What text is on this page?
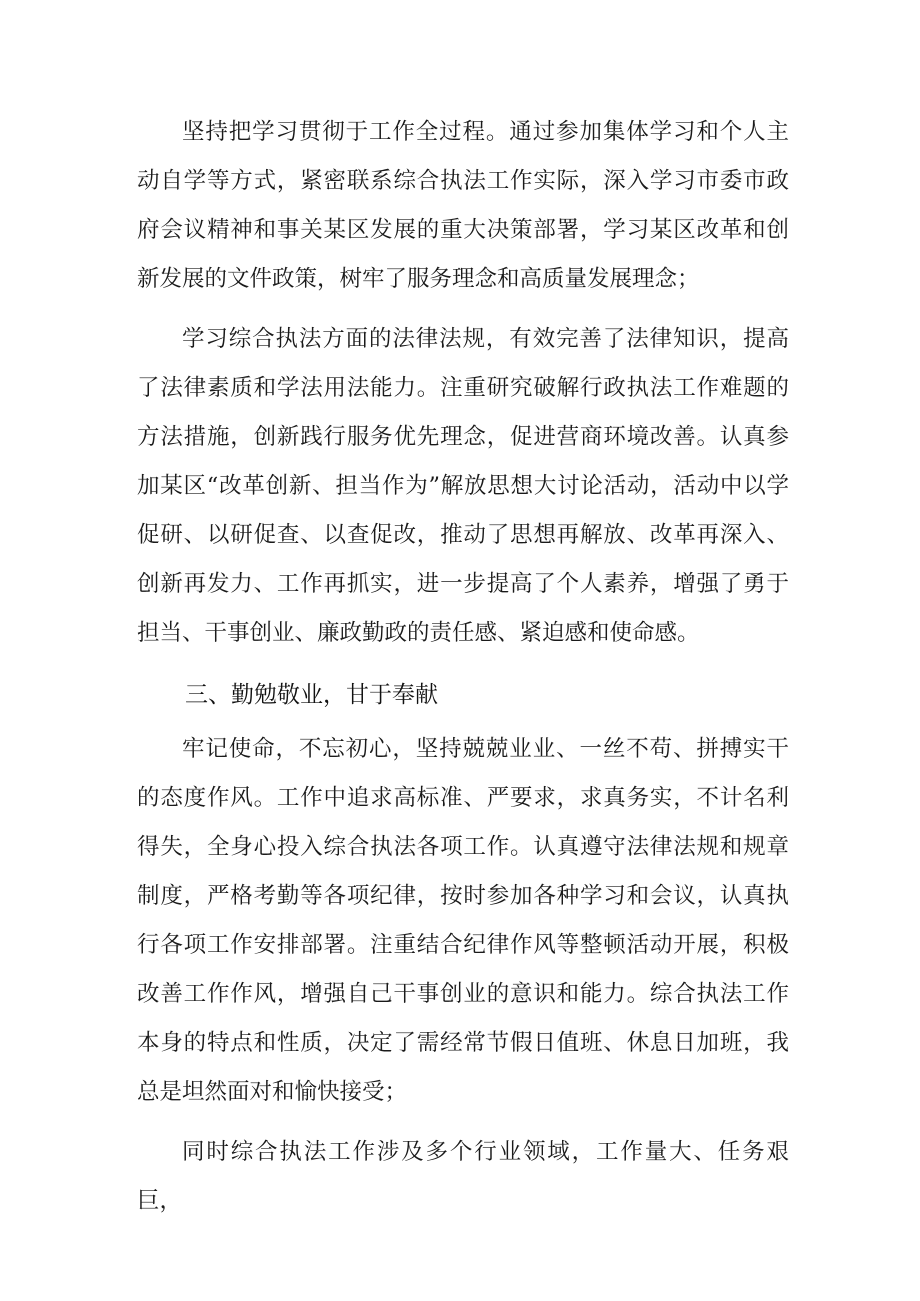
坚持把学习贯彻于工作全过程。通过参加集体学习和个人主动自学等方式，紧密联系综合执法工作实际，深入学习市委市政府会议精神和事关某区发展的重大决策部署，学习某区改革和创新发展的文件政策，树牢了服务理念和高质量发展理念；

学习综合执法方面的法律法规，有效完善了法律知识，提高了法律素质和学法用法能力。注重研究破解行政执法工作难题的方法措施，创新践行服务优先理念，促进营商环境改善。认真参加某区“改革创新、担当作为”解放思想大讨论活动，活动中以学促研、以研促查、以查促改，推动了思想再解放、改革再深入、创新再发力、工作再抓实，进一步提高了个人素养，增强了勇于担当、干事创业、廉政勤政的责任感、紧迫感和使命感。

三、勤勉敬业，甘于奉献

牢记使命，不忘初心，坚持兢兢业业、一丝不苟、拼搏实干的态度作风。工作中追求高标准、严要求，求真务实，不计名利得失，全身心投入综合执法各项工作。认真遵守法律法规和规章制度，严格考勤等各项纪律，按时参加各种学习和会议，认真执行各项工作安排部署。注重结合纪律作风等整顿活动开展，积极改善工作作风，增强自己干事创业的意识和能力。综合执法工作本身的特点和性质，决定了需经常节假日值班、休息日加班，我总是坦然面对和愉快接受；

同时综合执法工作涉及多个行业领域，工作量大、任务艰巨，
